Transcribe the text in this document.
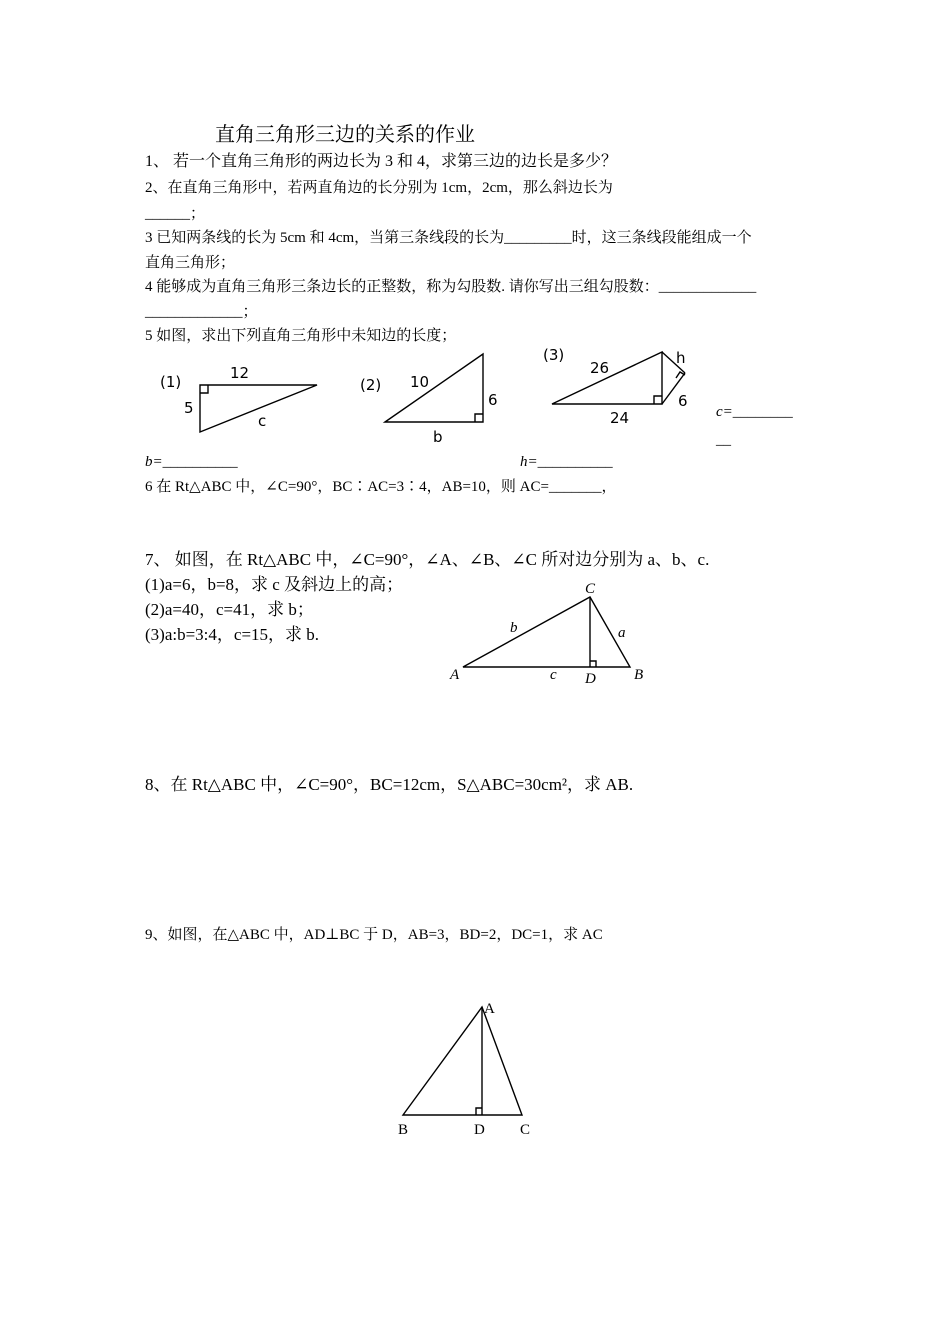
直角三角形三边的关系的作业
1、 若一个直角三角形的两边长为 3 和 4，求第三边的边长是多少？
2、在直角三角形中，若两直角边的长分别为 1cm，2cm，那么斜边长为
______；
3 已知两条线的长为 5cm 和 4cm，当第三条线段的长为_________时，这三条线段能组成一个
直角三角形；
4 能够成为直角三角形三条边长的正整数，称为勾股数. 请你写出三组勾股数：_____________
_____________；
5 如图，求出下列直角三角形中未知边的长度；
(1)	12
5
c
(2) 10
6
b
(3)
26
24
h
6
c=________
__
b=__________	h=__________
6 在 Rt△ABC 中，∠C=90°，BC∶AC=3∶4，AB=10，则 AC=_______，
7、 如图，在 Rt△ABC 中，∠C=90°，∠A、∠B、∠C 所对边分别为 a、b、c.
(1)a=6，b=8，求 c 及斜边上的高；
(2)a=40，c=41，求 b；
(3)a:b=3:4，c=15，求 b.
C
A	B
D
b	a
c
8、在 Rt△ABC 中，∠C=90°，BC=12cm，S△ABC=30cm²，求 AB.
9、如图，在△ABC 中，AD⊥BC 于 D，AB=3，BD=2，DC=1，求 AC
A
B	D C
